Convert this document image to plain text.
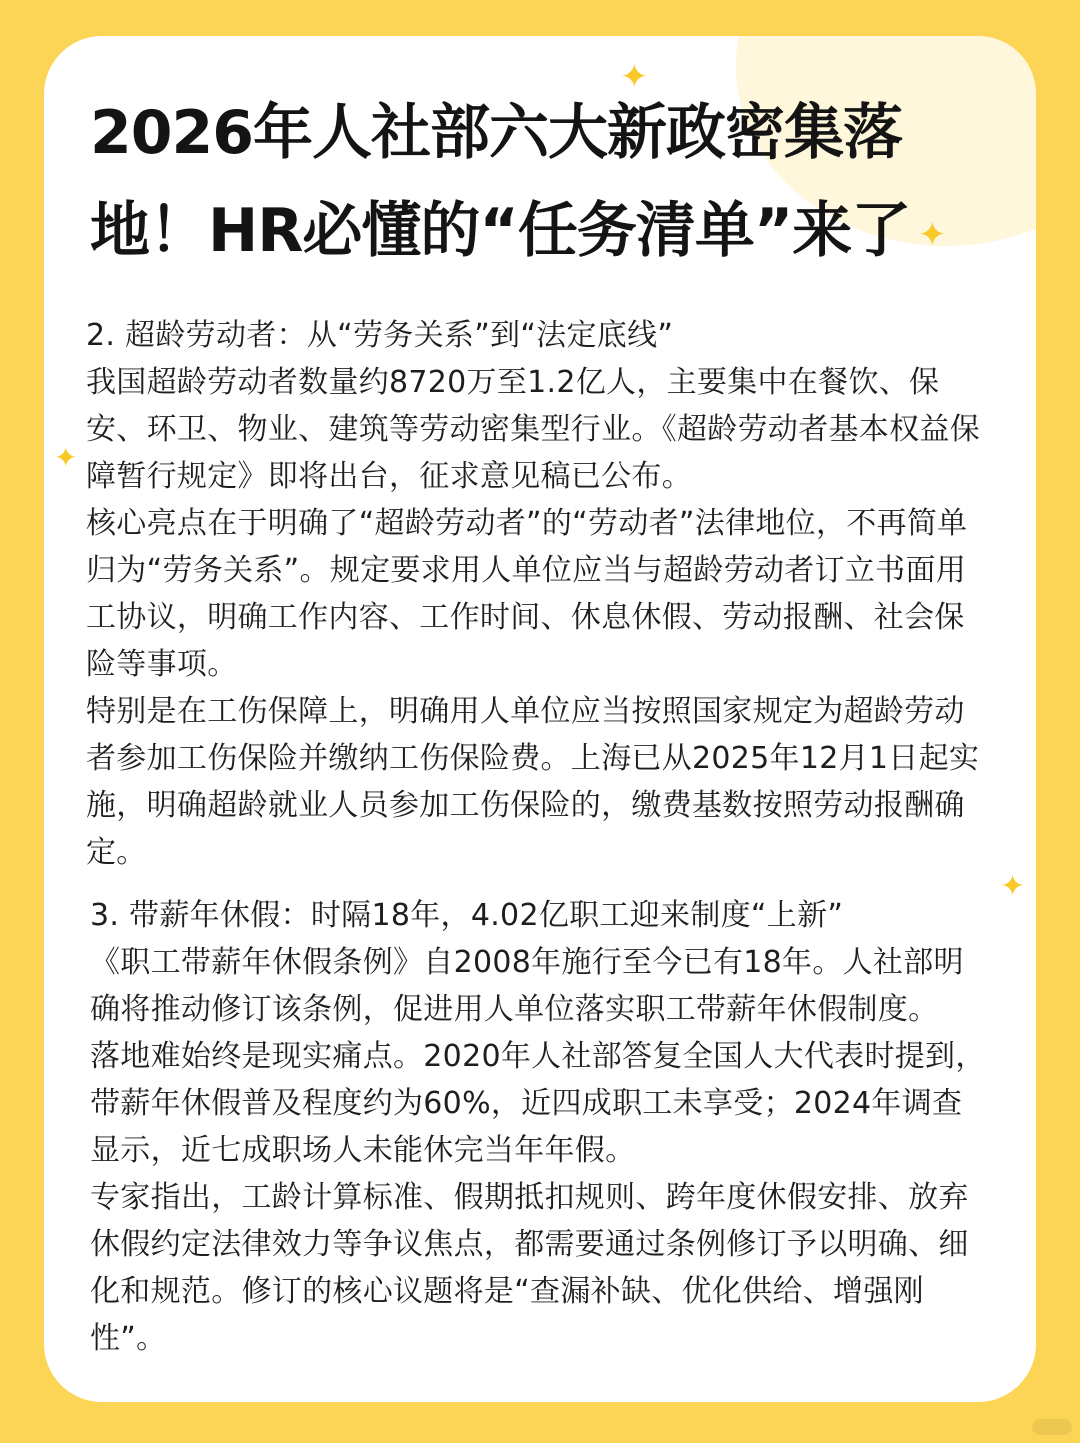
2026年人社部六大新政密集落
地！HR必懂的“任务清单”来了

2. 超龄劳动者：从“劳务关系”到“法定底线”

我国超龄劳动者数量约8720万至1.2亿人，主要集中在餐饮、保安、环卫、物业、建筑等劳动密集型行业。《超龄劳动者基本权益保障暂行规定》即将出台，征求意见稿已公布。

核心亮点在于明确了“超龄劳动者”的“劳动者”法律地位，不再简单归为“劳务关系”。规定要求用人单位应当与超龄劳动者订立书面用工协议，明确工作内容、工作时间、休息休假、劳动报酬、社会保险等事项。

特别是在工伤保障上，明确用人单位应当按照国家规定为超龄劳动者参加工伤保险并缴纳工伤保险费。上海已从2025年12月1日起实施，明确超龄就业人员参加工伤保险的，缴费基数按照劳动报酬确定。

3. 带薪年休假：时隔18年，4.02亿职工迎来制度“上新”

《职工带薪年休假条例》自2008年施行至今已有18年。人社部明确将推动修订该条例，促进用人单位落实职工带薪年休假制度。

落地难始终是现实痛点。2020年人社部答复全国人大代表时提到，带薪年休假普及程度约为60%，近四成职工未享受；2024年调查显示，近七成职场人未能休完当年年假。

专家指出，工龄计算标准、假期抵扣规则、跨年度休假安排、放弃休假约定法律效力等争议焦点，都需要通过条例修订予以明确、细化和规范。修订的核心议题将是“查漏补缺、优化供给、增强刚性”。

✦
✦
✦
✦
